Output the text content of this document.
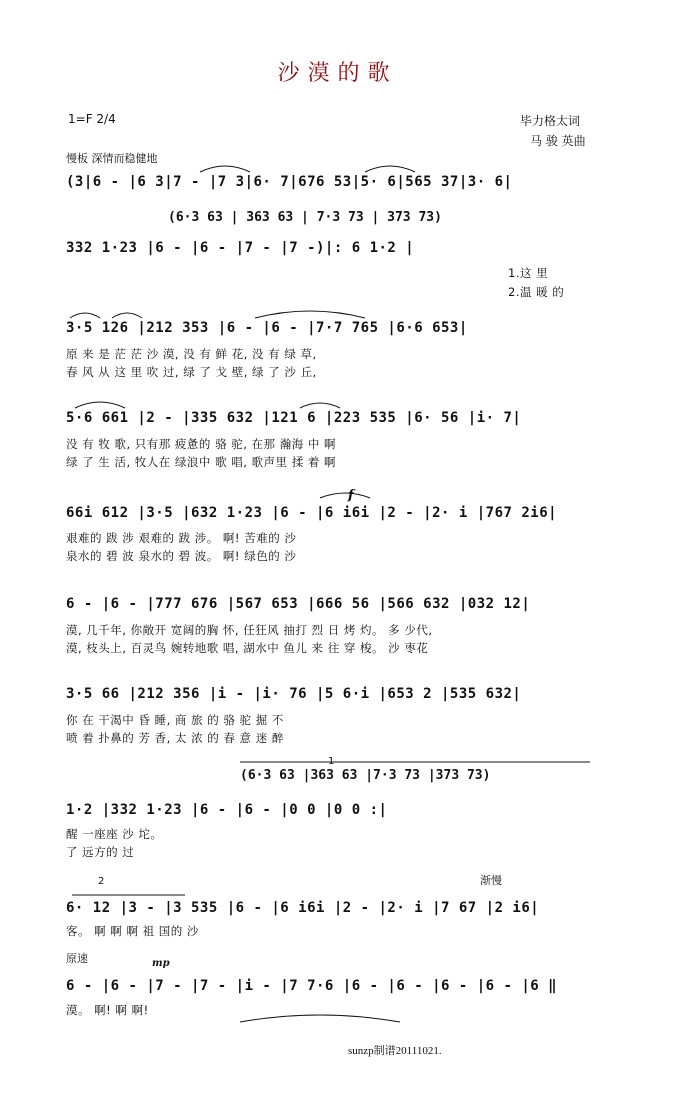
沙漠的歌
1=F 2/4	毕力格太词
马 骏 英曲
慢板 深情而稳健地
(3|6 - |6 3|7 - |7 3|6· 7|676 53|5· 6|565 37|3· 6|
(6·3 63 | 363 63 | 7·3 73 | 373 73)
332 1·23 |6 - |6 - |7 - |7 -)|: 6 1·2 |
1.这 里
2.温 暖 的
3·5 126 |212 353 |6 - |6 - |7·7 765 |6·6 653|
原 来 是 茫 茫 沙 漠, 没 有 鲜 花, 没 有 绿 草,
春 风 从 这 里 吹 过, 绿 了 戈 壁, 绿 了 沙 丘,
5·6 661 |2 - |335 632 |121 6 |223 535 |6· 56 |i· 7|
没 有 牧 歌, 只有那 疲惫的 骆 驼, 在那 瀚海 中 啊
绿 了 生 活, 牧人在 绿浪中 歌 唱, 歌声里 揉 着 啊
f
66i 612 |3·5 |632 1·23 |6 - |6 i6i |2 - |2· i |767 2i6|
艰难的 跋 涉 艰难的 跋 涉。 啊! 苦难的 沙
泉水的 碧 波 泉水的 碧 波。 啊! 绿色的 沙
6 - |6 - |777 676 |567 653 |666 56 |566 632 |032 12|
漠, 几千年, 你敞开 宽阔的胸 怀, 任狂风 抽打 烈 日 烤 灼。 多 少代,
漠, 枝头上, 百灵鸟 婉转地歌 唱, 湖水中 鱼儿 来 往 穿 梭。 沙 枣花
3·5 66 |212 356 |i - |i· 76 |5 6·i |653 2 |535 632|
你 在 干渴中 昏 睡, 商 旅 的 骆 驼 掘 不
喷 着 扑鼻的 芳 香, 太 浓 的 春 意 迷 醉
1
(6·3 63 |363 63 |7·3 73 |373 73)
1·2 |332 1·23 |6 - |6 - |0 0 |0 0 :|
醒 一座座 沙 坨。
了 远方的 过
2	渐慢
6· 12 |3 - |3 535 |6 - |6 i6i |2 - |2· i |7 67 |2 i6|
客。 啊 啊 啊 祖 国的 沙
原速	mp
6 - |6 - |7 - |7 - |i - |7 7·6 |6 - |6 - |6 - |6 - |6 ‖
漠。 啊! 啊 啊!
sunzp制谱20111021.
